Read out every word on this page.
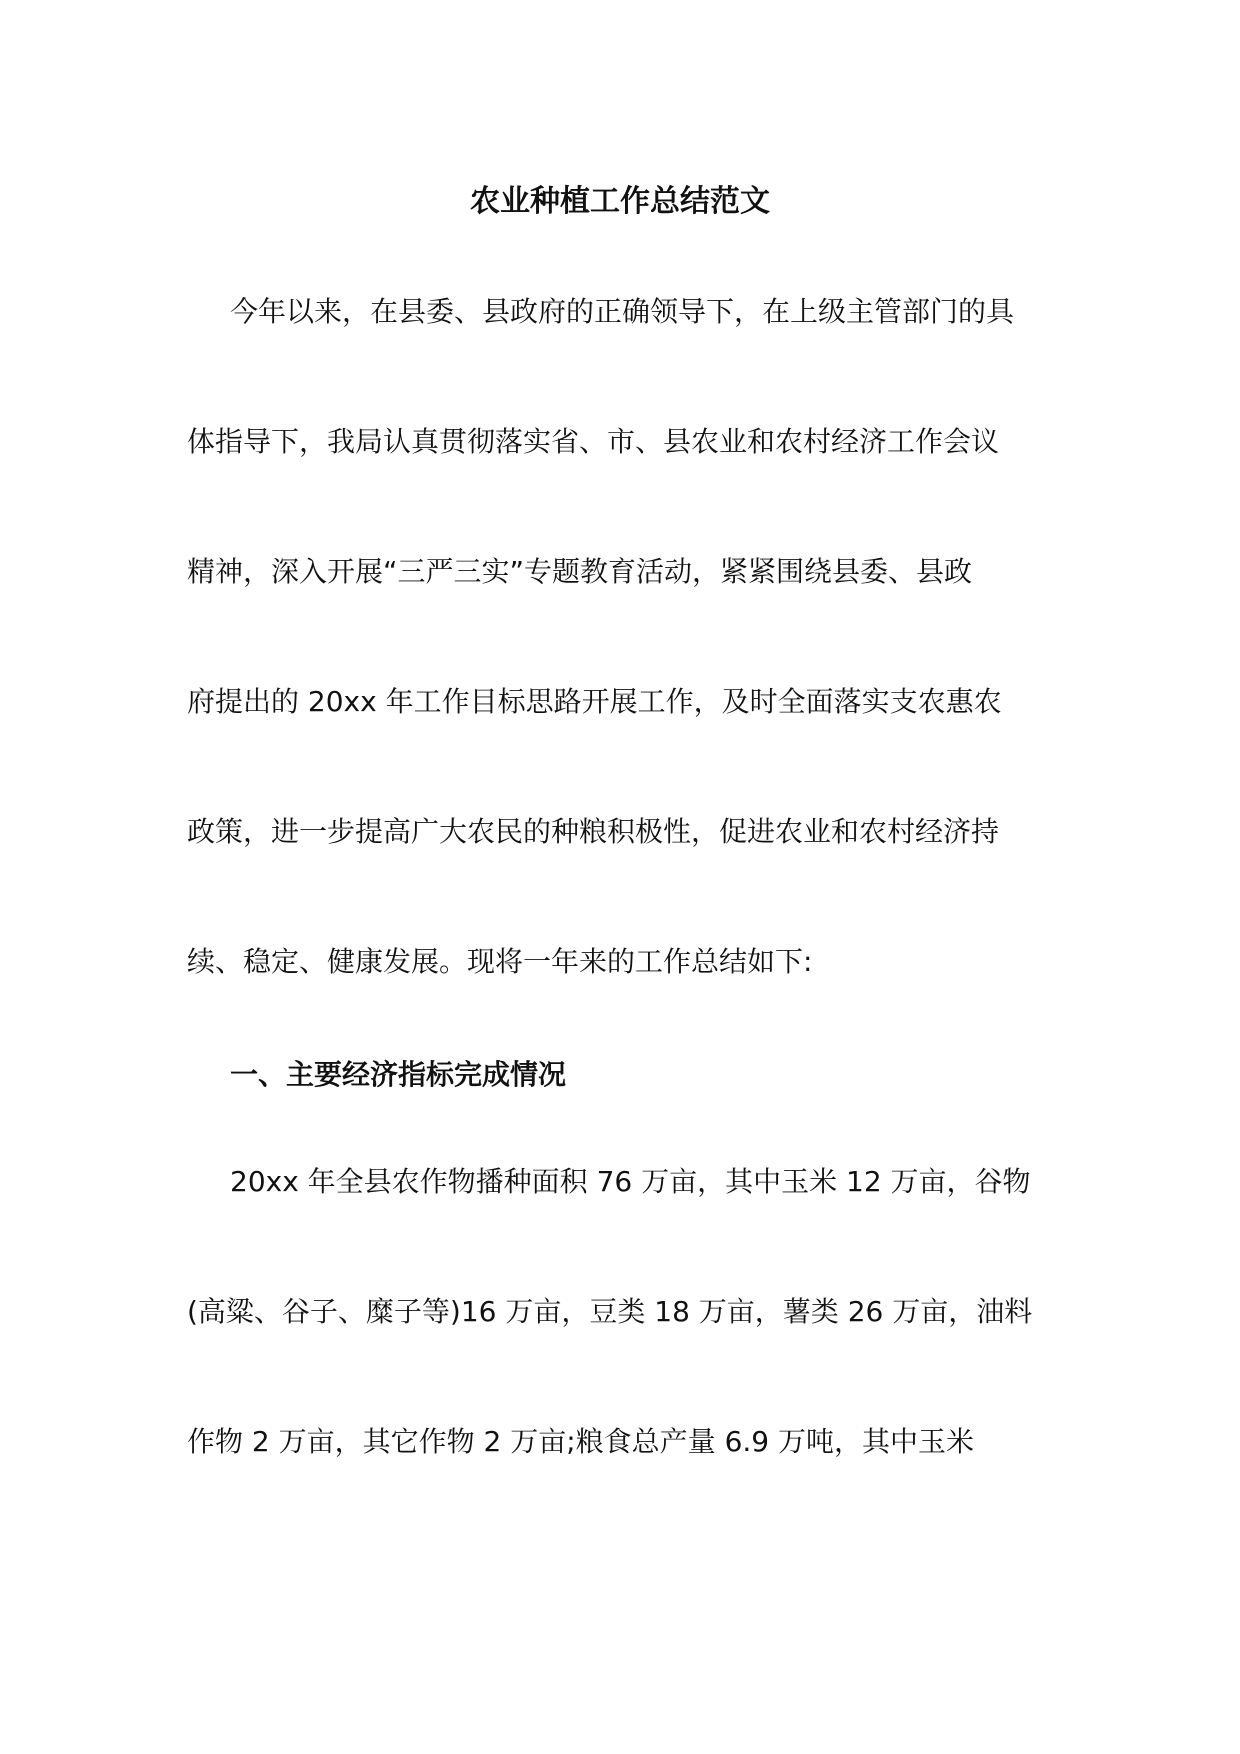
农业种植工作总结范文
今年以来，在县委、县政府的正确领导下，在上级主管部门的具
体指导下，我局认真贯彻落实省、市、县农业和农村经济工作会议
精神，深入开展“三严三实”专题教育活动，紧紧围绕县委、县政
府提出的 20xx 年工作目标思路开展工作，及时全面落实支农惠农
政策，进一步提高广大农民的种粮积极性，促进农业和农村经济持
续、稳定、健康发展。现将一年来的工作总结如下:
一、主要经济指标完成情况
20xx 年全县农作物播种面积 76 万亩，其中玉米 12 万亩，谷物
(高粱、谷子、糜子等)16 万亩，豆类 18 万亩，薯类 26 万亩，油料
作物 2 万亩，其它作物 2 万亩;粮食总产量 6.9 万吨，其中玉米
